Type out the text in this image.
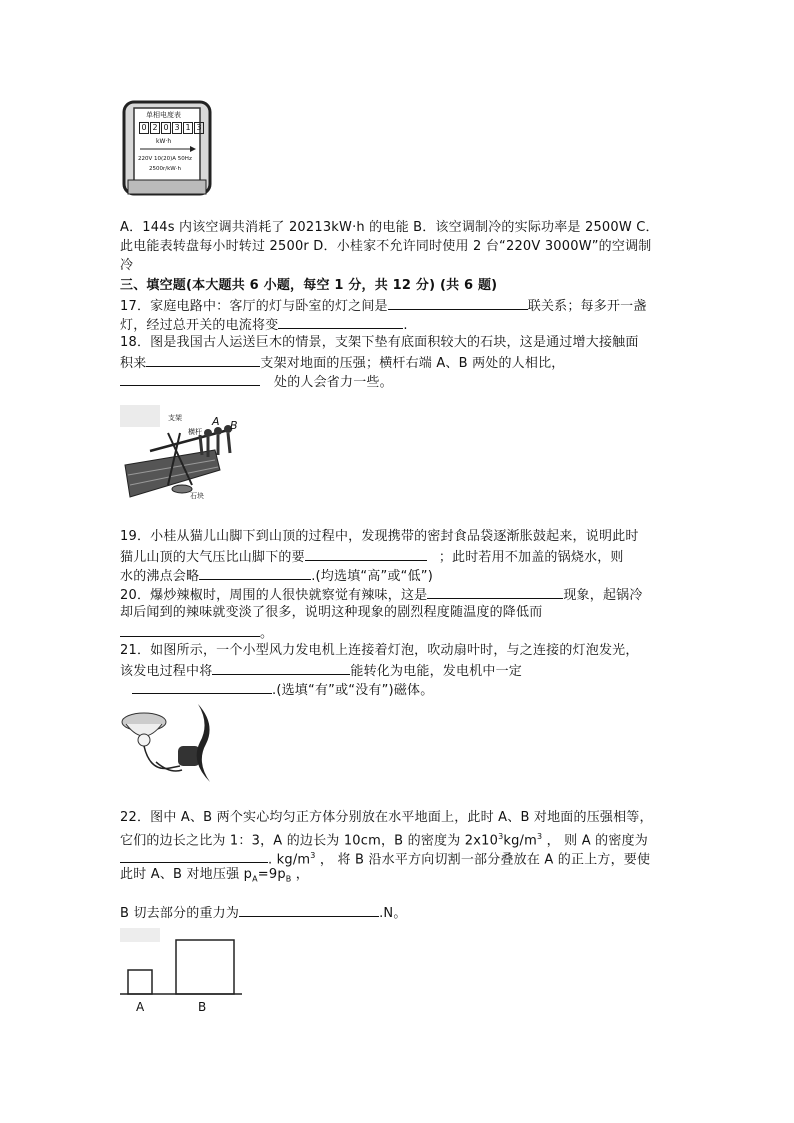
单相电度表
0 2 0 3 1 3
kW·h
220V 10(20)A 50Hz
2500r/kW·h
A．144s 内该空调共消耗了 20213kW·h 的电能 B．该空调制冷的实际功率是 2500W C．
此电能表转盘每小时转过 2500r D．小桂家不允许同时使用 2 台“220V 3000W”的空调制
冷
三、填空题(本大题共 6 小题，每空 1 分，共 12 分) (共 6 题)
17．家庭电路中：客厅的灯与卧室的灯之间是	联关系；每多开一盏
灯，经过总开关的电流将变	.
18．图是我国古人运送巨木的情景，支架下垫有底面积较大的石块，这是通过增大接触面
积来	支架对地面的压强；横杆右端 A、B 两处的人相比，
处的人会省力一些。
支架
横杆
A B
石块
19．小桂从猫儿山脚下到山顶的过程中，发现携带的密封食品袋逐渐胀鼓起来，说明此时
猫儿山顶的大气压比山脚下的要	；此时若用不加盖的锅烧水，则
水的沸点会略	.(均选填“高”或“低”)
20．爆炒辣椒时，周围的人很快就察觉有辣味，这是	现象，起锅冷
却后闻到的辣味就变淡了很多，说明这种现象的剧烈程度随温度的降低而
。
21．如图所示，一个小型风力发电机上连接着灯泡，吹动扇叶时，与之连接的灯泡发光，
该发电过程中将	能转化为电能，发电机中一定
.(选填“有”或“没有”)磁体。
22．图中 A、B 两个实心均匀正方体分别放在水平地面上，此时 A、B 对地面的压强相等，
它们的边长之比为 1：3，A 的边长为 10cm，B 的密度为 $2x10^3kg/m^3$ ， 则 A 的密度为
. $kg/m^3$ ， 将 B 沿水平方向切割一部分叠放在 A 的正上方，要使
此时 A、B 对地压强 $p_A=9p_B$ ，
B 切去部分的重力为	.N。
A	B
